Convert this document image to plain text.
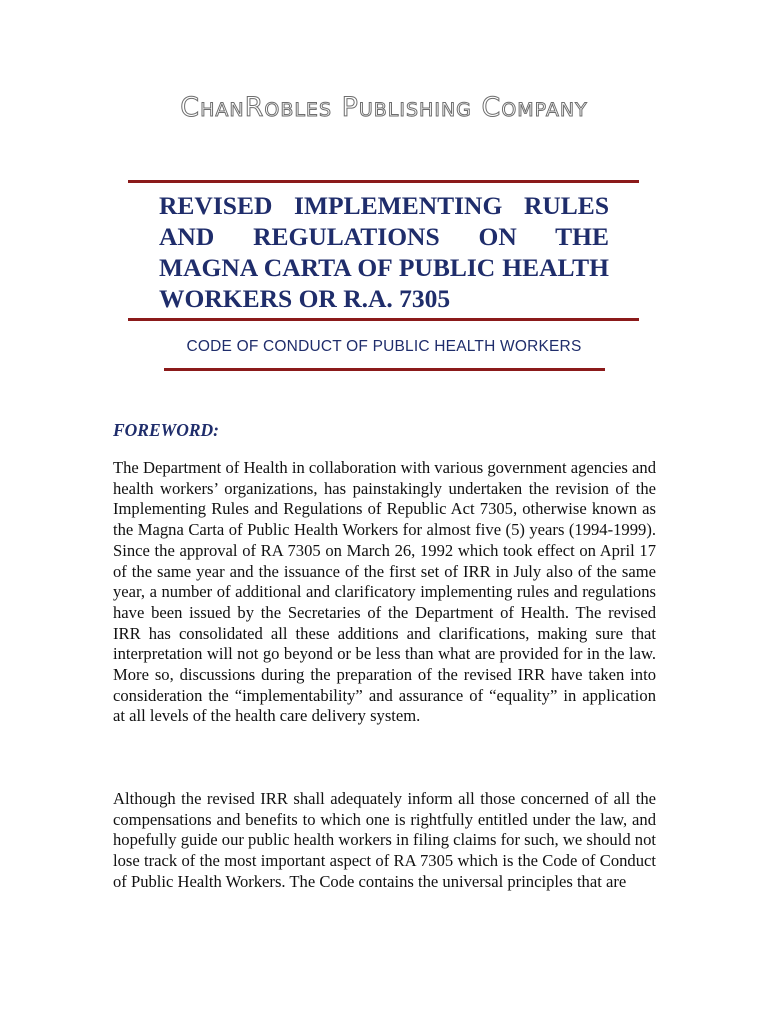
ChanRobles Publishing Company
REVISED IMPLEMENTING RULES AND REGULATIONS ON THE MAGNA CARTA OF PUBLIC HEALTH WORKERS OR R.A. 7305
CODE OF CONDUCT OF PUBLIC HEALTH WORKERS
FOREWORD:

The Department of Health in collaboration with various government agencies and health workers’ organizations, has painstakingly undertaken the revision of the Implementing Rules and Regulations of Republic Act 7305, otherwise known as the Magna Carta of Public Health Workers for almost five (5) years (1994-1999). Since the approval of RA 7305 on March 26, 1992 which took effect on April 17 of the same year and the issuance of the first set of IRR in July also of the same year, a number of additional and clarificatory implementing rules and regulations have been issued by the Secretaries of the Department of Health. The revised IRR has consolidated all these additions and clarifications, making sure that interpretation will not go beyond or be less than what are provided for in the law. More so, discussions during the preparation of the revised IRR have taken into consideration the “implementability” and assurance of “equality” in application at all levels of the health care delivery system.

Although the revised IRR shall adequately inform all those concerned of all the compensations and benefits to which one is rightfully entitled under the law, and hopefully guide our public health workers in filing claims for such, we should not lose track of the most important aspect of RA 7305 which is the Code of Conduct of Public Health Workers. The Code contains the universal principles that are
